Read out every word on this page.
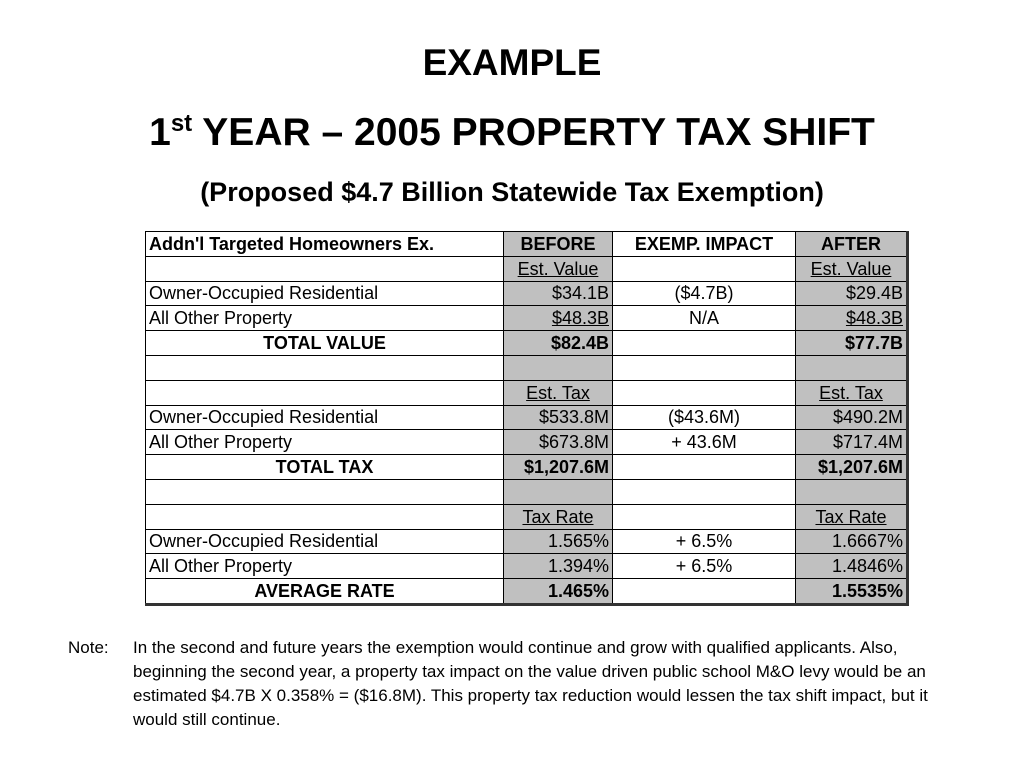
EXAMPLE
1st YEAR – 2005 PROPERTY TAX SHIFT
(Proposed $4.7 Billion Statewide Tax Exemption)
Addn'l Targeted Homeowners Ex.	BEFORE	EXEMP. IMPACT	AFTER
	Est. Value		Est. Value
Owner-Occupied Residential	$34.1B	($4.7B)	$29.4B
All Other Property	$48.3B	N/A	$48.3B
TOTAL VALUE	$82.4B		$77.7B

	Est. Tax		Est. Tax
Owner-Occupied Residential	$533.8M	($43.6M)	$490.2M
All Other Property	$673.8M	+ 43.6M	$717.4M
TOTAL TAX	$1,207.6M		$1,207.6M

	Tax Rate		Tax Rate
Owner-Occupied Residential	1.565%	+ 6.5%	1.6667%
All Other Property	1.394%	+ 6.5%	1.4846%
AVERAGE RATE	1.465%		1.5535%
Note: In the second and future years the exemption would continue and grow with qualified applicants. Also, beginning the second year, a property tax impact on the value driven public school M&O levy would be an estimated $4.7B X 0.358% = ($16.8M). This property tax reduction would lessen the tax shift impact, but it would still continue.
